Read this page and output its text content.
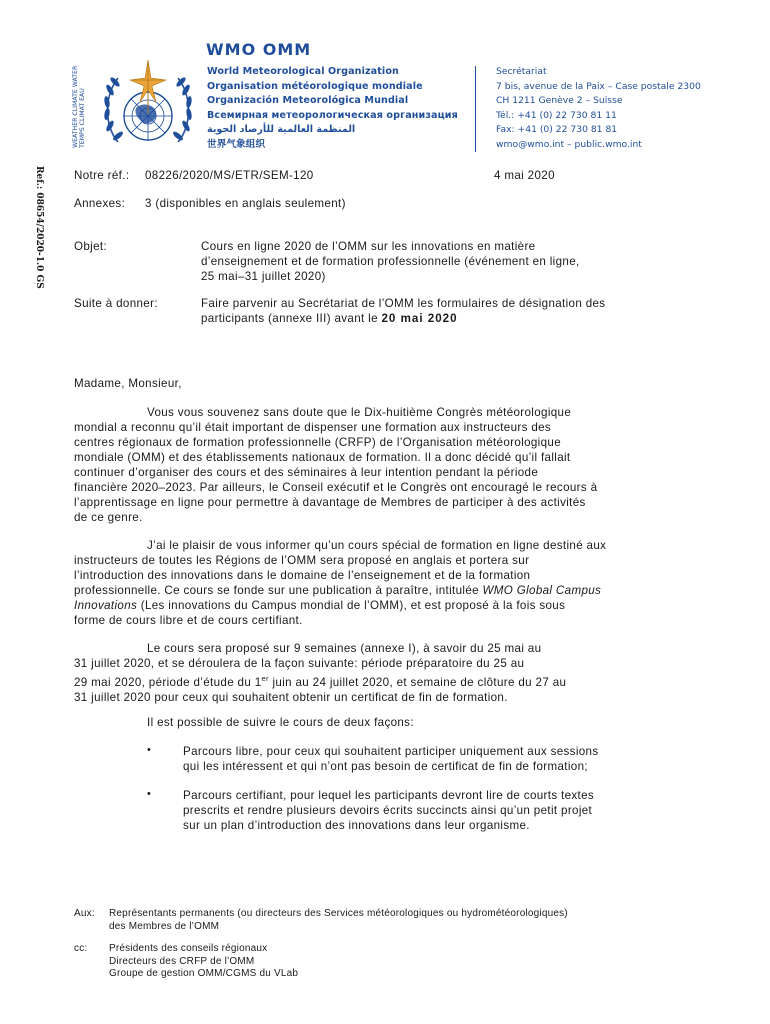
WEATHER CLIMATE WATER TEMPS CLIMAT EAU
WMO OMM
World Meteorological Organization
Organisation météorologique mondiale
Organización Meteorológica Mundial
Всемирная метеорологическая организация
المنظمة العالمية للأرصاد الجوية
世界气象组织
Secrétariat
7 bis, avenue de la Paix – Case postale 2300
CH 1211 Genève 2 – Suisse
Tél.: +41 (0) 22 730 81 11
Fax: +41 (0) 22 730 81 81
wmo@wmo.int – public.wmo.int
Ref.: 08654/2020-1.0 GS	Notre réf.: 08226/2020/MS/ETR/SEM-120	4 mai 2020
Annexes: 3 (disponibles en anglais seulement)
Objet:	Cours en ligne 2020 de l’OMM sur les innovations en matière
d’enseignement et de formation professionnelle (événement en ligne,
25 mai–31 juillet 2020)
Suite à donner:	Faire parvenir au Secrétariat de l’OMM les formulaires de désignation des
participants (annexe III) avant le 20 mai 2020
Madame, Monsieur,
Vous vous souvenez sans doute que le Dix-huitième Congrès météorologique
mondial a reconnu qu’il était important de dispenser une formation aux instructeurs des
centres régionaux de formation professionnelle (CRFP) de l’Organisation météorologique
mondiale (OMM) et des établissements nationaux de formation. Il a donc décidé qu’il fallait
continuer d’organiser des cours et des séminaires à leur intention pendant la période
financière 2020–2023. Par ailleurs, le Conseil exécutif et le Congrès ont encouragé le recours à
l’apprentissage en ligne pour permettre à davantage de Membres de participer à des activités
de ce genre.
J’ai le plaisir de vous informer qu’un cours spécial de formation en ligne destiné aux
instructeurs de toutes les Régions de l’OMM sera proposé en anglais et portera sur
l’introduction des innovations dans le domaine de l’enseignement et de la formation
professionnelle. Ce cours se fonde sur une publication à paraître, intitulée WMO Global Campus
Innovations (Les innovations du Campus mondial de l’OMM), et est proposé à la fois sous
forme de cours libre et de cours certifiant.
Le cours sera proposé sur 9 semaines (annexe I), à savoir du 25 mai au
31 juillet 2020, et se déroulera de la façon suivante: période préparatoire du 25 au
29 mai 2020, période d’étude du 1er juin au 24 juillet 2020, et semaine de clôture du 27 au
31 juillet 2020 pour ceux qui souhaitent obtenir un certificat de fin de formation.
Il est possible de suivre le cours de deux façons:
•	Parcours libre, pour ceux qui souhaitent participer uniquement aux sessions
qui les intéressent et qui n’ont pas besoin de certificat de fin de formation;
•	Parcours certifiant, pour lequel les participants devront lire de courts textes
prescrits et rendre plusieurs devoirs écrits succincts ainsi qu’un petit projet
sur un plan d’introduction des innovations dans leur organisme.
Aux: Représentants permanents (ou directeurs des Services météorologiques ou hydrométéorologiques)
des Membres de l’OMM
cc: Présidents des conseils régionaux
Directeurs des CRFP de l’OMM
Groupe de gestion OMM/CGMS du VLab
